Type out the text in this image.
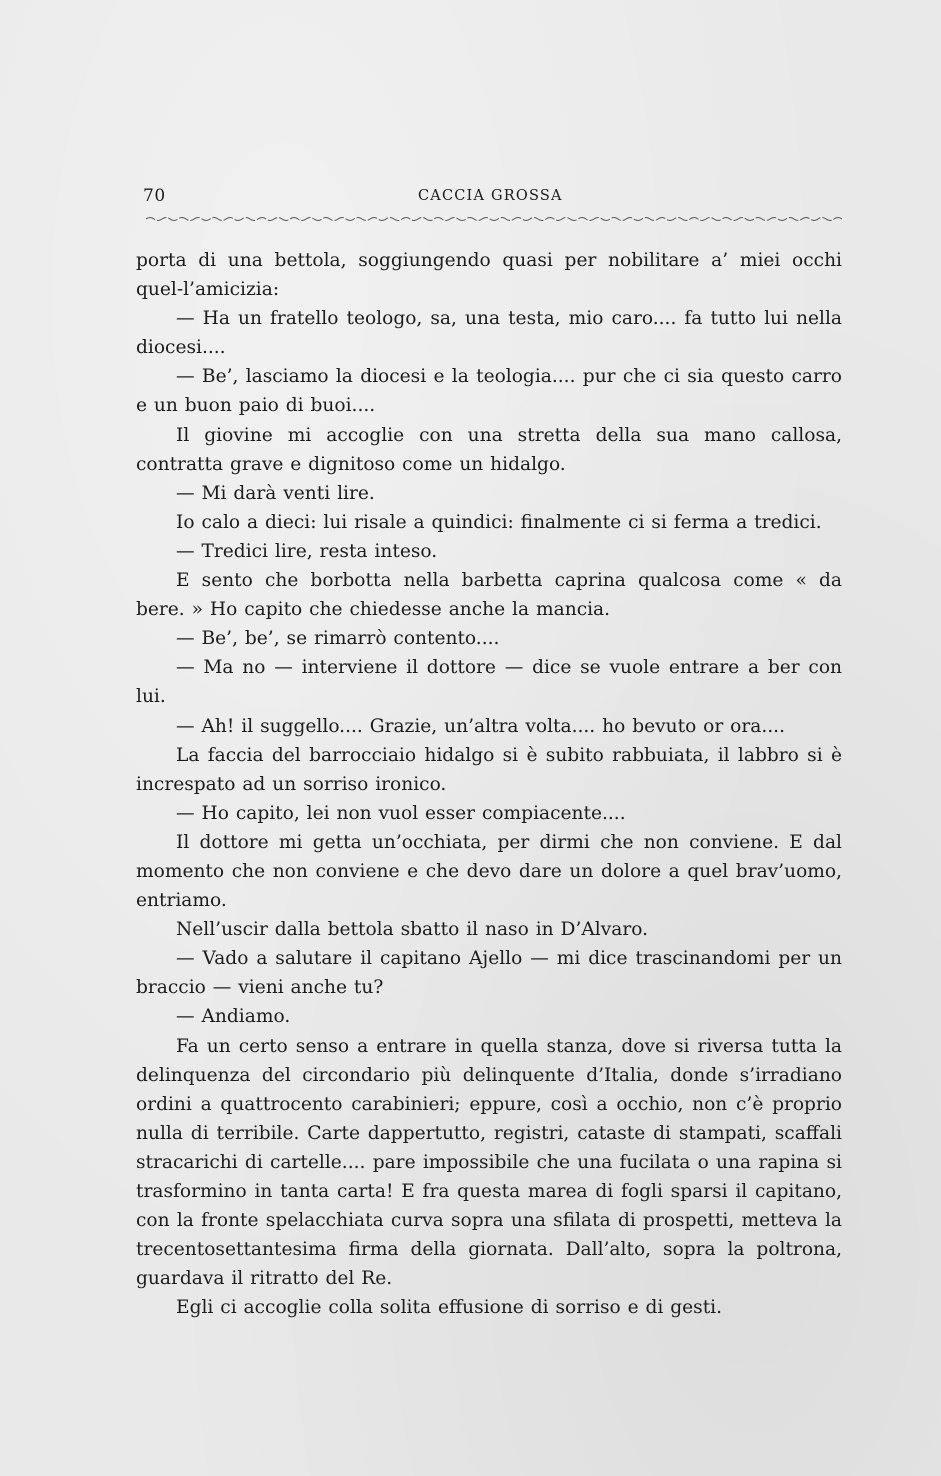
70	CACCIA GROSSA

porta di una bettola, soggiungendo quasi per nobilitare a’ miei occhi quel-l’amicizia:

— Ha un fratello teologo, sa, una testa, mio caro.... fa tutto lui nella diocesi....

— Be’, lasciamo la diocesi e la teologia.... pur che ci sia questo carro e un buon paio di buoi....

Il giovine mi accoglie con una stretta della sua mano callosa, contratta grave e dignitoso come un hidalgo.

— Mi darà venti lire.

Io calo a dieci: lui risale a quindici: finalmente ci si ferma a tredici.

— Tredici lire, resta inteso.

E sento che borbotta nella barbetta caprina qualcosa come « da bere. » Ho capito che chiedesse anche la mancia.

— Be’, be’, se rimarrò contento....

— Ma no — interviene il dottore — dice se vuole entrare a ber con lui.

— Ah! il suggello.... Grazie, un’altra volta.... ho bevuto or ora....

La faccia del barrocciaio hidalgo si è subito rabbuiata, il labbro si è increspato ad un sorriso ironico.

— Ho capito, lei non vuol esser compiacente....

Il dottore mi getta un’occhiata, per dirmi che non conviene. E dal momento che non conviene e che devo dare un dolore a quel brav’uomo, entriamo.

Nell’uscir dalla bettola sbatto il naso in D’Alvaro.

— Vado a salutare il capitano Ajello — mi dice trascinandomi per un braccio — vieni anche tu?

— Andiamo.

Fa un certo senso a entrare in quella stanza, dove si riversa tutta la delinquenza del circondario più delinquente d’Italia, donde s’irradiano ordini a quattrocento carabinieri; eppure, così a occhio, non c’è proprio nulla di terribile. Carte dappertutto, registri, cataste di stampati, scaffali stracarichi di cartelle.... pare impossibile che una fucilata o una rapina si trasformino in tanta carta! E fra questa marea di fogli sparsi il capitano, con la fronte spelacchiata curva sopra una sfilata di prospetti, metteva la trecentosettantesima firma della giornata. Dall’alto, sopra la poltrona, guardava il ritratto del Re.

Egli ci accoglie colla solita effusione di sorriso e di gesti.
